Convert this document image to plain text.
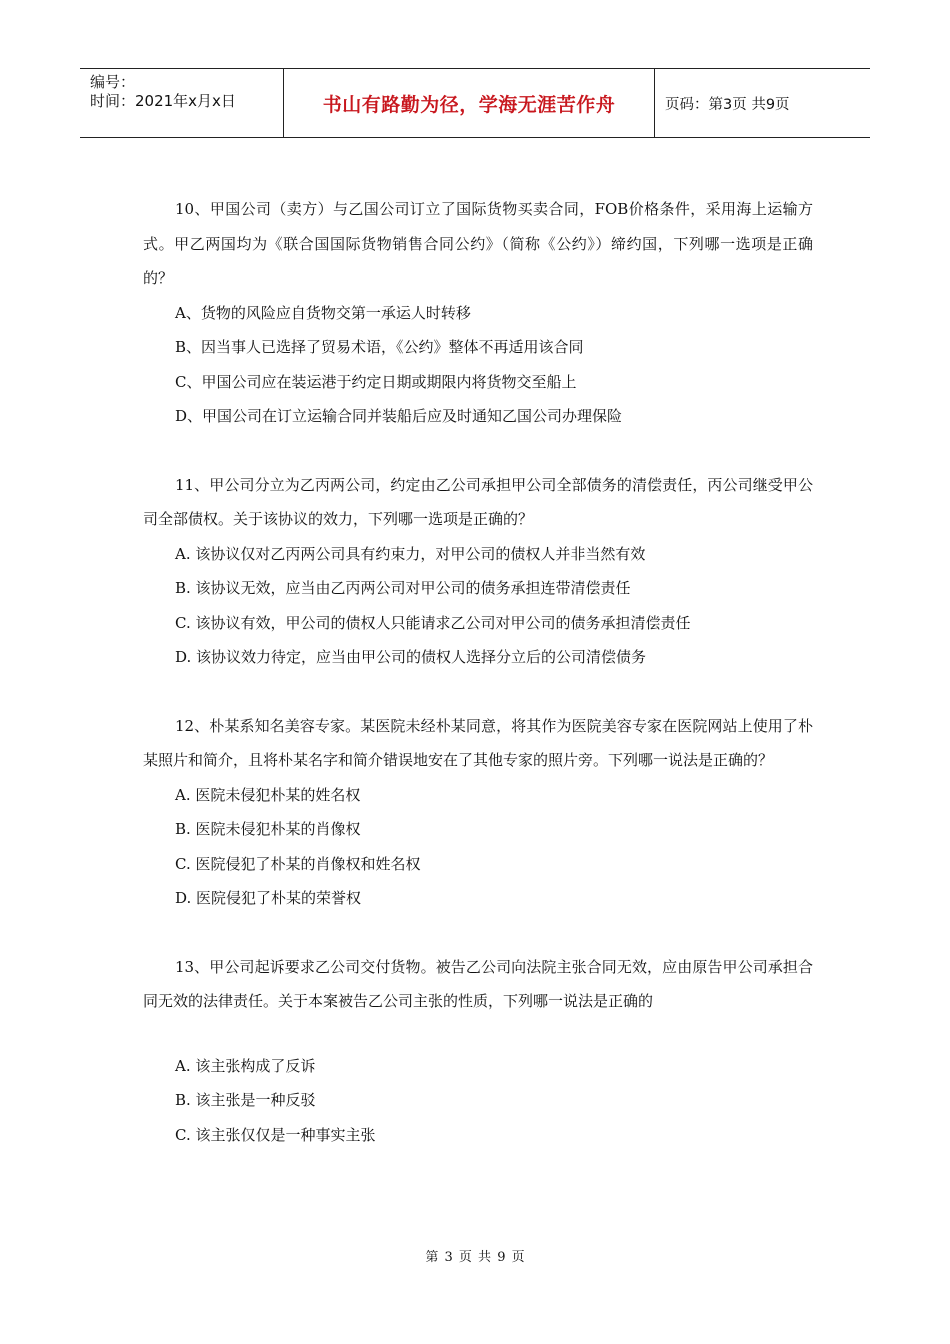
编号：
时间：2021年x月x日	书山有路勤为径，学海无涯苦作舟	页码：第3页 共9页
10、甲国公司（卖方）与乙国公司订立了国际货物买卖合同，FOB价格条件，采用海上运输方式。甲乙两国均为《联合国国际货物销售合同公约》（简称《公约》）缔约国，下列哪一选项是正确的？
A、货物的风险应自货物交第一承运人时转移
B、因当事人已选择了贸易术语，《公约》整体不再适用该合同
C、甲国公司应在装运港于约定日期或期限内将货物交至船上
D、甲国公司在订立运输合同并装船后应及时通知乙国公司办理保险
11、甲公司分立为乙丙两公司，约定由乙公司承担甲公司全部债务的清偿责任，丙公司继受甲公司全部债权。关于该协议的效力，下列哪一选项是正确的？
A. 该协议仅对乙丙两公司具有约束力，对甲公司的债权人并非当然有效
B. 该协议无效，应当由乙丙两公司对甲公司的债务承担连带清偿责任
C. 该协议有效，甲公司的债权人只能请求乙公司对甲公司的债务承担清偿责任
D. 该协议效力待定，应当由甲公司的债权人选择分立后的公司清偿债务
12、朴某系知名美容专家。某医院未经朴某同意，将其作为医院美容专家在医院网站上使用了朴某照片和简介，且将朴某名字和简介错误地安在了其他专家的照片旁。下列哪一说法是正确的？
A. 医院未侵犯朴某的姓名权
B. 医院未侵犯朴某的肖像权
C. 医院侵犯了朴某的肖像权和姓名权
D. 医院侵犯了朴某的荣誉权
13、甲公司起诉要求乙公司交付货物。被告乙公司向法院主张合同无效，应由原告甲公司承担合同无效的法律责任。关于本案被告乙公司主张的性质，下列哪一说法是正确的
A. 该主张构成了反诉
B. 该主张是一种反驳
C. 该主张仅仅是一种事实主张
第 3 页 共 9 页
